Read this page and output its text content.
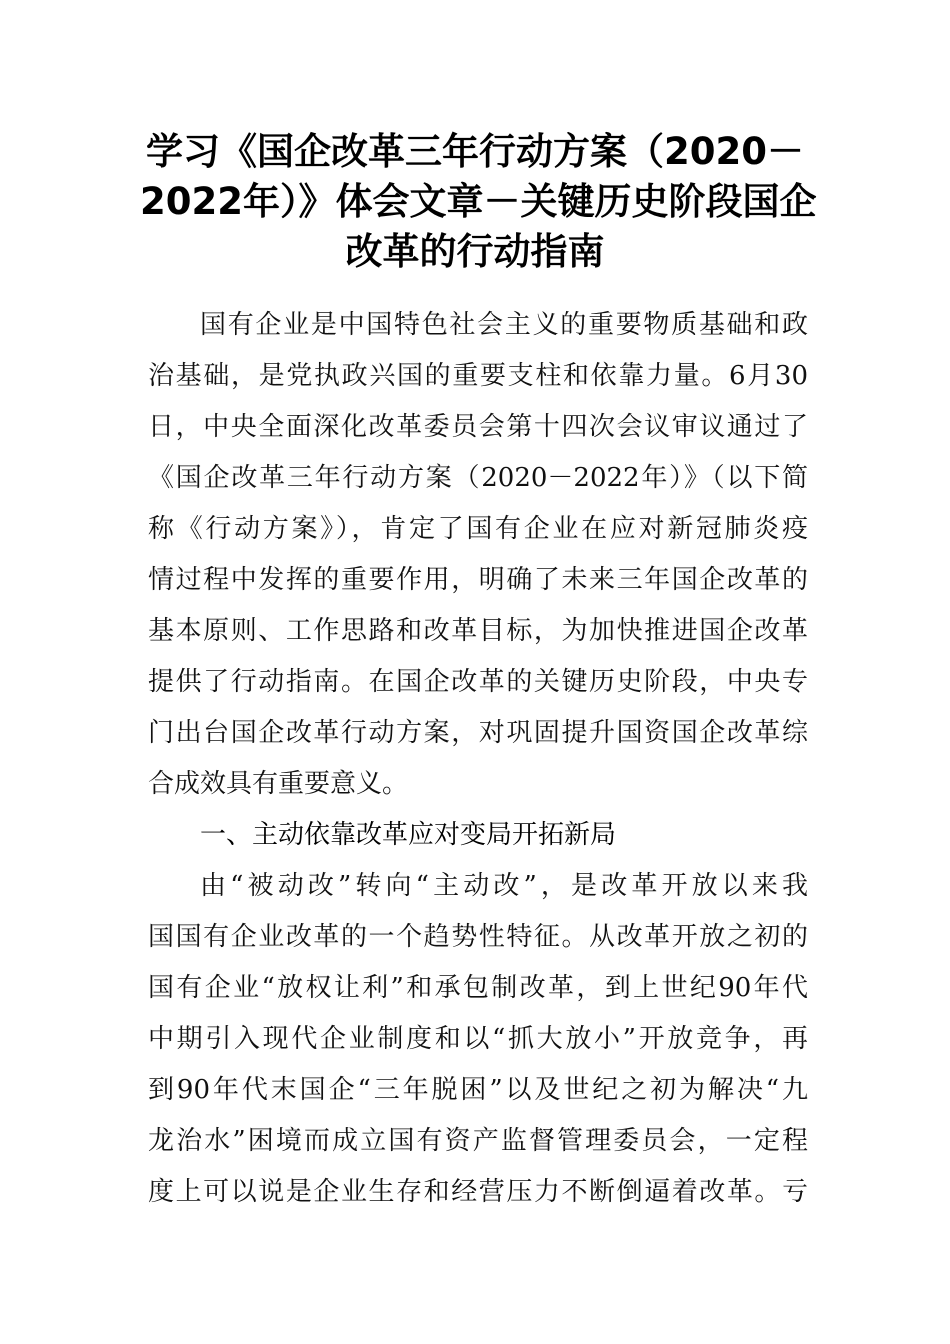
学习《国企改革三年行动方案（2020－
2022年）》体会文章－关键历史阶段国企
改革的行动指南
国有企业是中国特色社会主义的重要物质基础和政
治基础，是党执政兴国的重要支柱和依靠力量。6月30
日，中央全面深化改革委员会第十四次会议审议通过了
《国企改革三年行动方案（2020－2022年）》（以下简
称《行动方案》），肯定了国有企业在应对新冠肺炎疫
情过程中发挥的重要作用，明确了未来三年国企改革的
基本原则、工作思路和改革目标，为加快推进国企改革
提供了行动指南。在国企改革的关键历史阶段，中央专
门出台国企改革行动方案，对巩固提升国资国企改革综
合成效具有重要意义。
一、主动依靠改革应对变局开拓新局
由“被动改”转向“主动改”，是改革开放以来我
国国有企业改革的一个趋势性特征。从改革开放之初的
国有企业“放权让利”和承包制改革，到上世纪90年代
中期引入现代企业制度和以“抓大放小”开放竞争，再
到90年代末国企“三年脱困”以及世纪之初为解决“九
龙治水”困境而成立国有资产监督管理委员会，一定程
度上可以说是企业生存和经营压力不断倒逼着改革。亏
